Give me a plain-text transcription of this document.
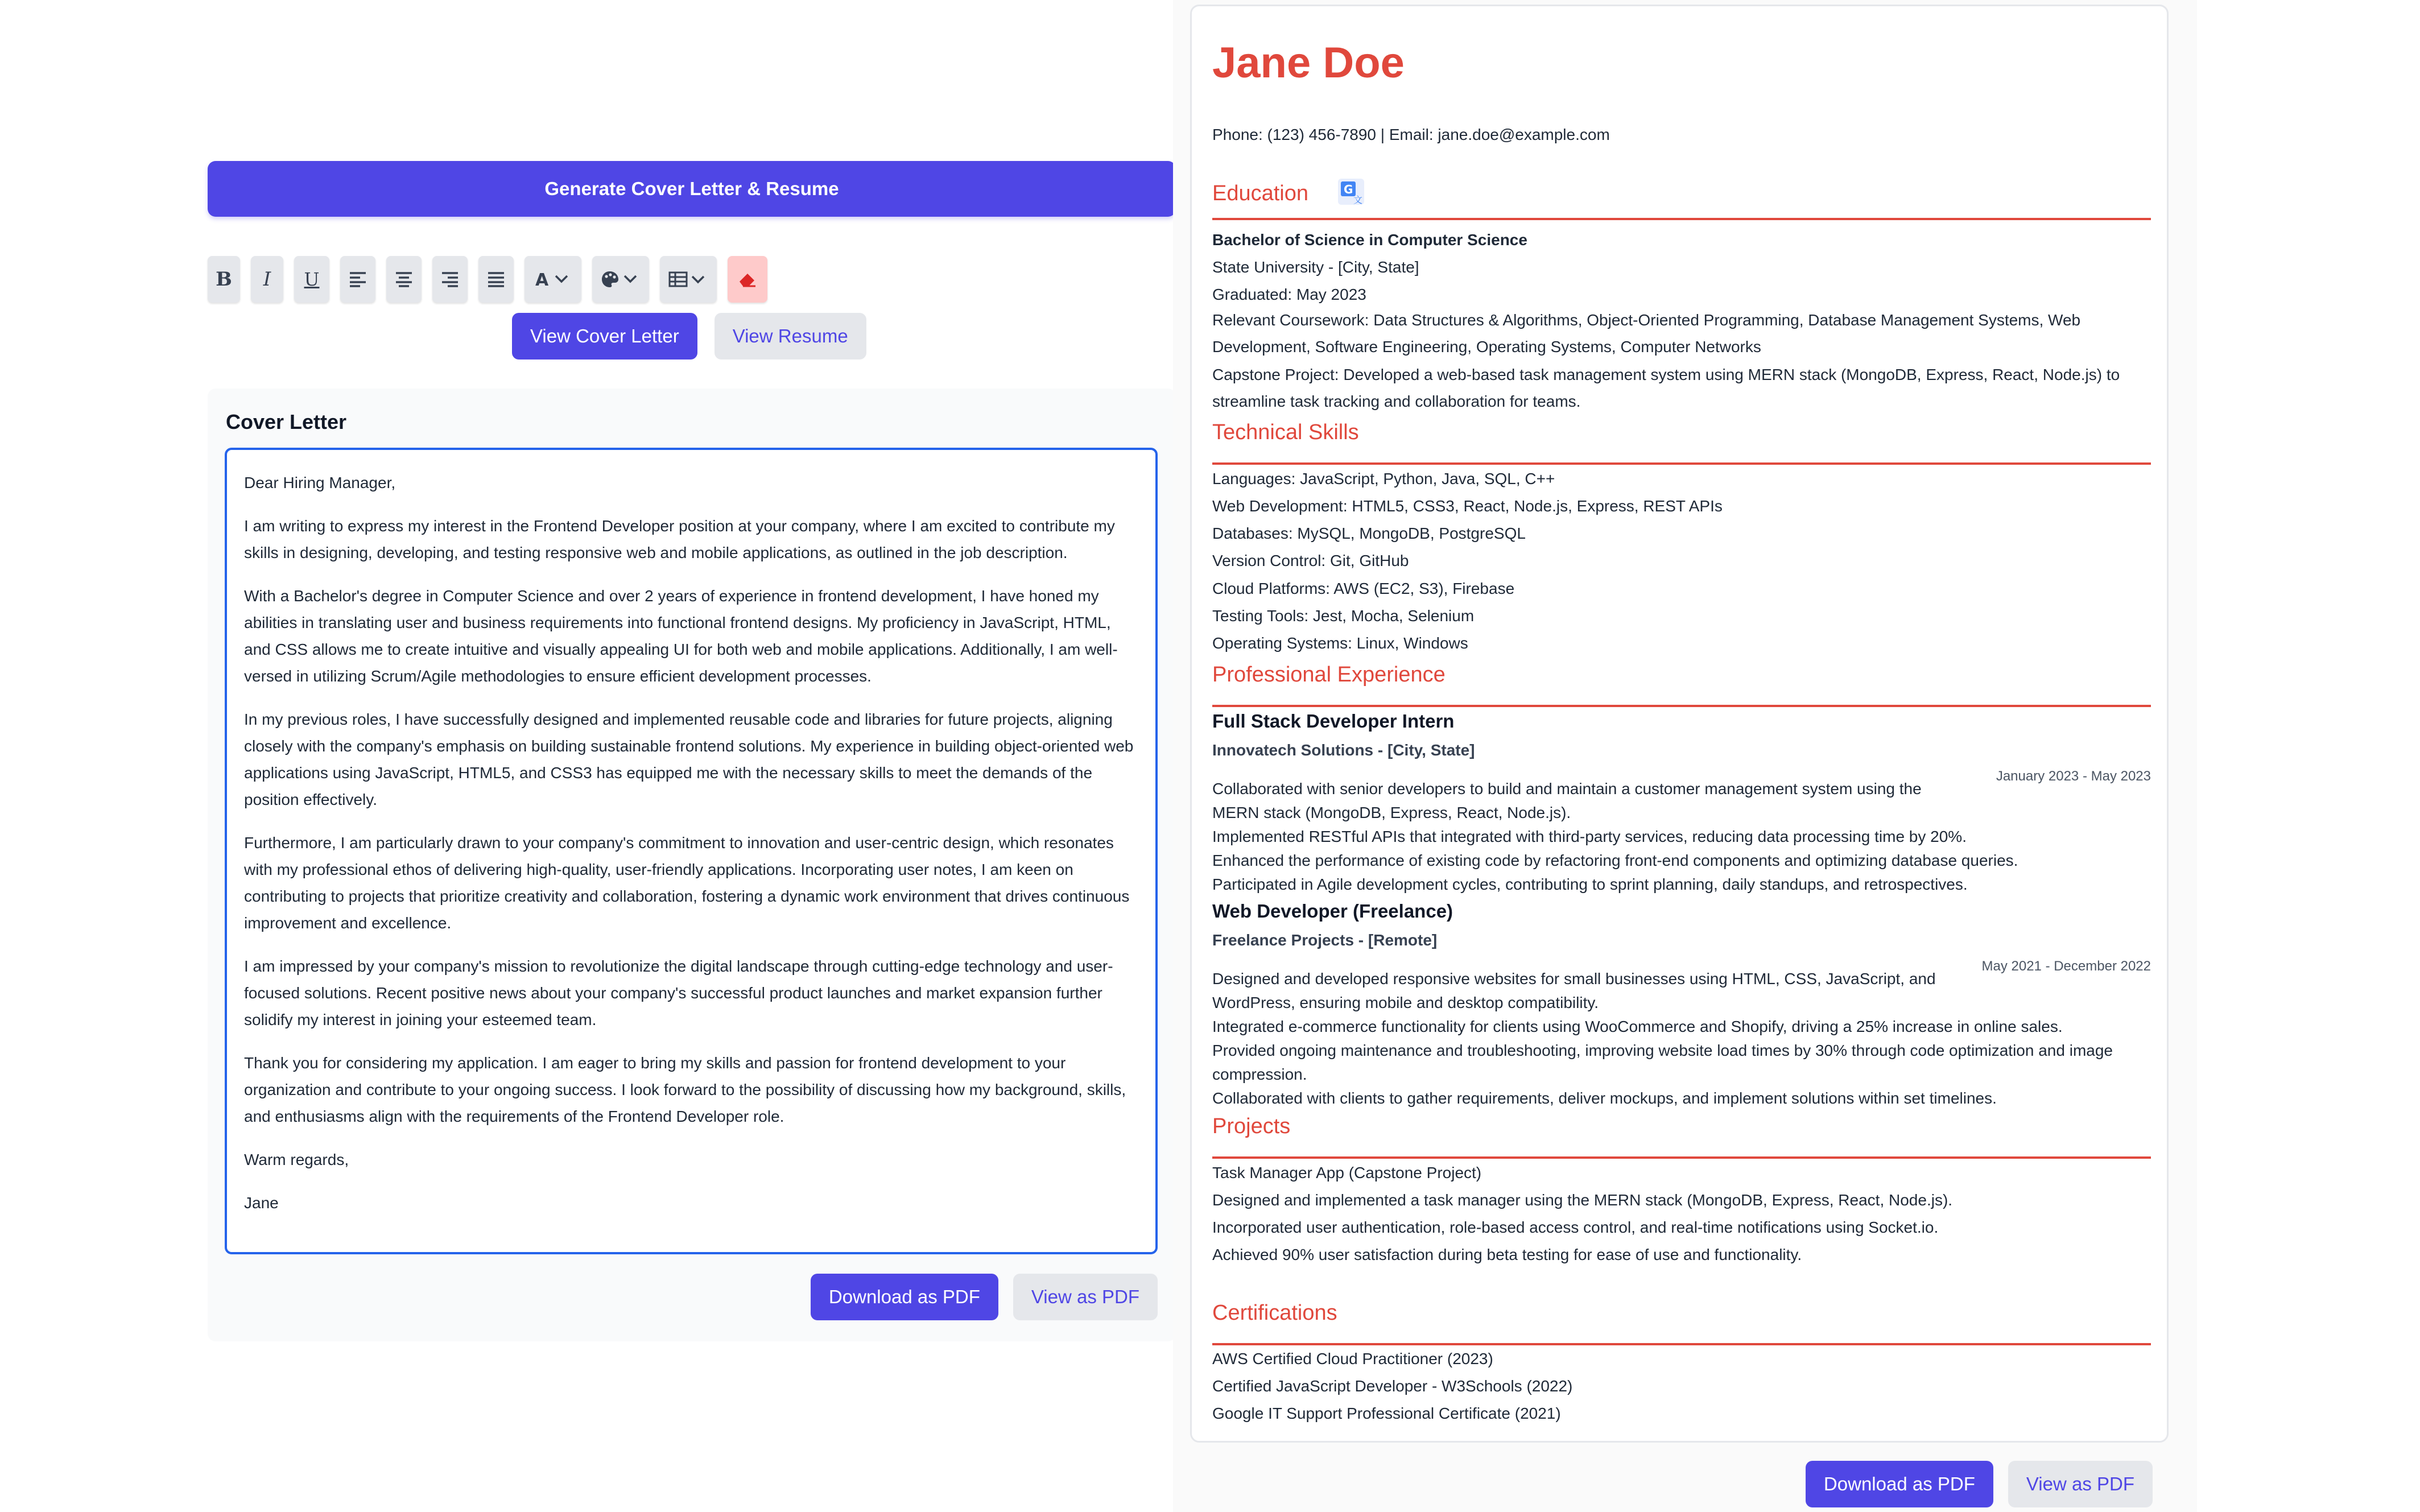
Generate Cover Letter & Resume
B I U	A
View Cover Letter	View Resume
Cover Letter

Dear Hiring Manager,

I am writing to express my interest in the Frontend Developer position at your company, where I am excited to contribute my skills in designing, developing, and testing responsive web and mobile applications, as outlined in the job description.

With a Bachelor's degree in Computer Science and over 2 years of experience in frontend development, I have honed my abilities in translating user and business requirements into functional frontend designs. My proficiency in JavaScript, HTML, and CSS allows me to create intuitive and visually appealing UI for both web and mobile applications. Additionally, I am well-versed in utilizing Scrum/Agile methodologies to ensure efficient development processes.

In my previous roles, I have successfully designed and implemented reusable code and libraries for future projects, aligning closely with the company's emphasis on building sustainable frontend solutions. My experience in building object-oriented web applications using JavaScript, HTML5, and CSS3 has equipped me with the necessary skills to meet the demands of the position effectively.

Furthermore, I am particularly drawn to your company's commitment to innovation and user-centric design, which resonates with my professional ethos of delivering high-quality, user-friendly applications. Incorporating user notes, I am keen on contributing to projects that prioritize creativity and collaboration, fostering a dynamic work environment that drives continuous improvement and excellence.

I am impressed by your company's mission to revolutionize the digital landscape through cutting-edge technology and user-focused solutions. Recent positive news about your company's successful product launches and market expansion further solidify my interest in joining your esteemed team.

Thank you for considering my application. I am eager to bring my skills and passion for frontend development to your organization and contribute to your ongoing success. I look forward to the possibility of discussing how my background, skills, and enthusiasms align with the requirements of the Frontend Developer role.

Warm regards,

Jane

Download as PDF	View as PDF
Jane Doe
Phone: (123) 456-7890 | Email: jane.doe@example.com
Education	G
文
Bachelor of Science in Computer Science
State University - [City, State]
Graduated: May 2023
Relevant Coursework: Data Structures & Algorithms, Object-Oriented Programming, Database Management Systems, Web Development, Software Engineering, Operating Systems, Computer Networks
Capstone Project: Developed a web-based task management system using MERN stack (MongoDB, Express, React, Node.js) to streamline task tracking and collaboration for teams.
Technical Skills
Languages: JavaScript, Python, Java, SQL, C++
Web Development: HTML5, CSS3, React, Node.js, Express, REST APIs
Databases: MySQL, MongoDB, PostgreSQL
Version Control: Git, GitHub
Cloud Platforms: AWS (EC2, S3), Firebase
Testing Tools: Jest, Mocha, Selenium
Operating Systems: Linux, Windows
Professional Experience
Full Stack Developer Intern
Innovatech Solutions - [City, State]
January 2023 - May 2023
Collaborated with senior developers to build and maintain a customer management system using the
MERN stack (MongoDB, Express, React, Node.js).
Implemented RESTful APIs that integrated with third-party services, reducing data processing time by 20%.
Enhanced the performance of existing code by refactoring front-end components and optimizing database queries.
Participated in Agile development cycles, contributing to sprint planning, daily standups, and retrospectives.
Web Developer (Freelance)
Freelance Projects - [Remote]
May 2021 - December 2022
Designed and developed responsive websites for small businesses using HTML, CSS, JavaScript, and
WordPress, ensuring mobile and desktop compatibility.
Integrated e-commerce functionality for clients using WooCommerce and Shopify, driving a 25% increase in online sales.
Provided ongoing maintenance and troubleshooting, improving website load times by 30% through code optimization and image
compression.
Collaborated with clients to gather requirements, deliver mockups, and implement solutions within set timelines.
Projects
Task Manager App (Capstone Project)
Designed and implemented a task manager using the MERN stack (MongoDB, Express, React, Node.js).
Incorporated user authentication, role-based access control, and real-time notifications using Socket.io.
Achieved 90% user satisfaction during beta testing for ease of use and functionality.
Certifications
AWS Certified Cloud Practitioner (2023)
Certified JavaScript Developer - W3Schools (2022)
Google IT Support Professional Certificate (2021)
Download as PDF	View as PDF
